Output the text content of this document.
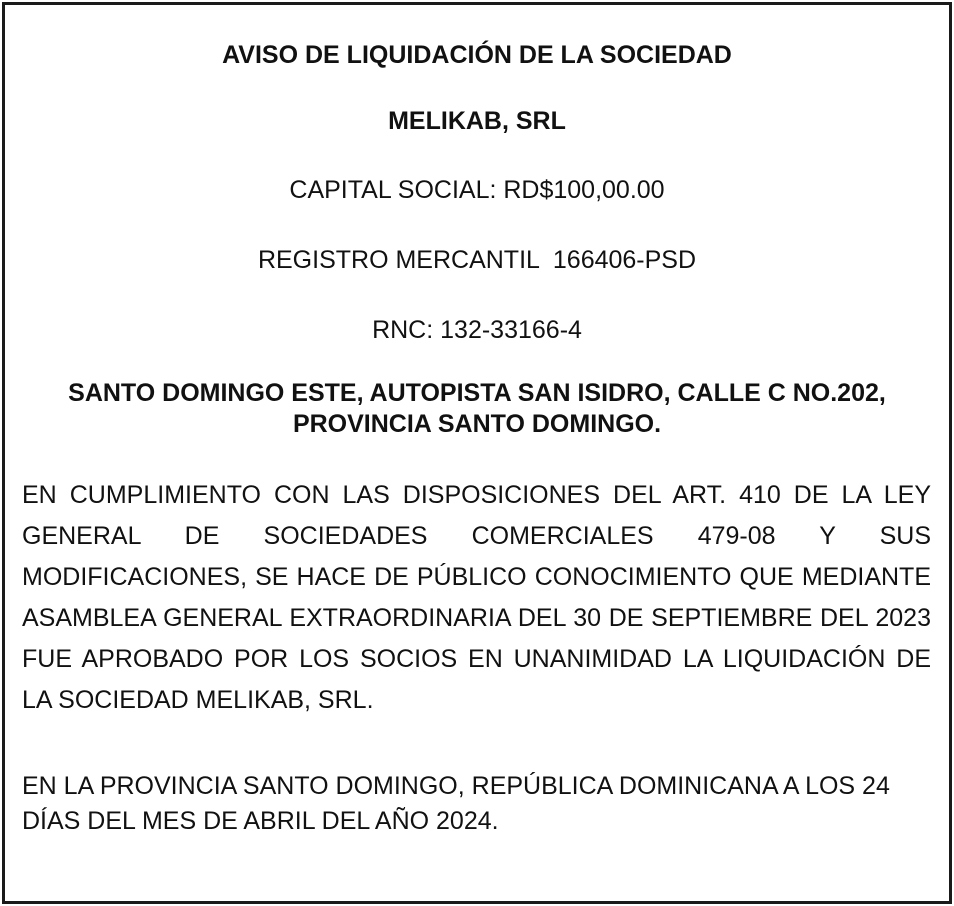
AVISO DE LIQUIDACIÓN DE LA SOCIEDAD
MELIKAB, SRL
CAPITAL SOCIAL: RD$100,00.00
REGISTRO MERCANTIL  166406-PSD
RNC: 132-33166-4
SANTO DOMINGO ESTE, AUTOPISTA SAN ISIDRO, CALLE C NO.202, PROVINCIA SANTO DOMINGO.
EN CUMPLIMIENTO CON LAS DISPOSICIONES DEL ART. 410 DE LA LEY GENERAL DE SOCIEDADES COMERCIALES 479-08 Y SUS MODIFICACIONES, SE HACE DE PÚBLICO CONOCIMIENTO QUE MEDIANTE ASAMBLEA GENERAL EXTRAORDINARIA DEL 30 DE SEPTIEMBRE DEL 2023 FUE APROBADO POR LOS SOCIOS EN UNANIMIDAD LA LIQUIDACIÓN DE LA SOCIEDAD MELIKAB, SRL.
EN LA PROVINCIA SANTO DOMINGO, REPÚBLICA DOMINICANA A LOS 24 DÍAS DEL MES DE ABRIL DEL AÑO 2024.
